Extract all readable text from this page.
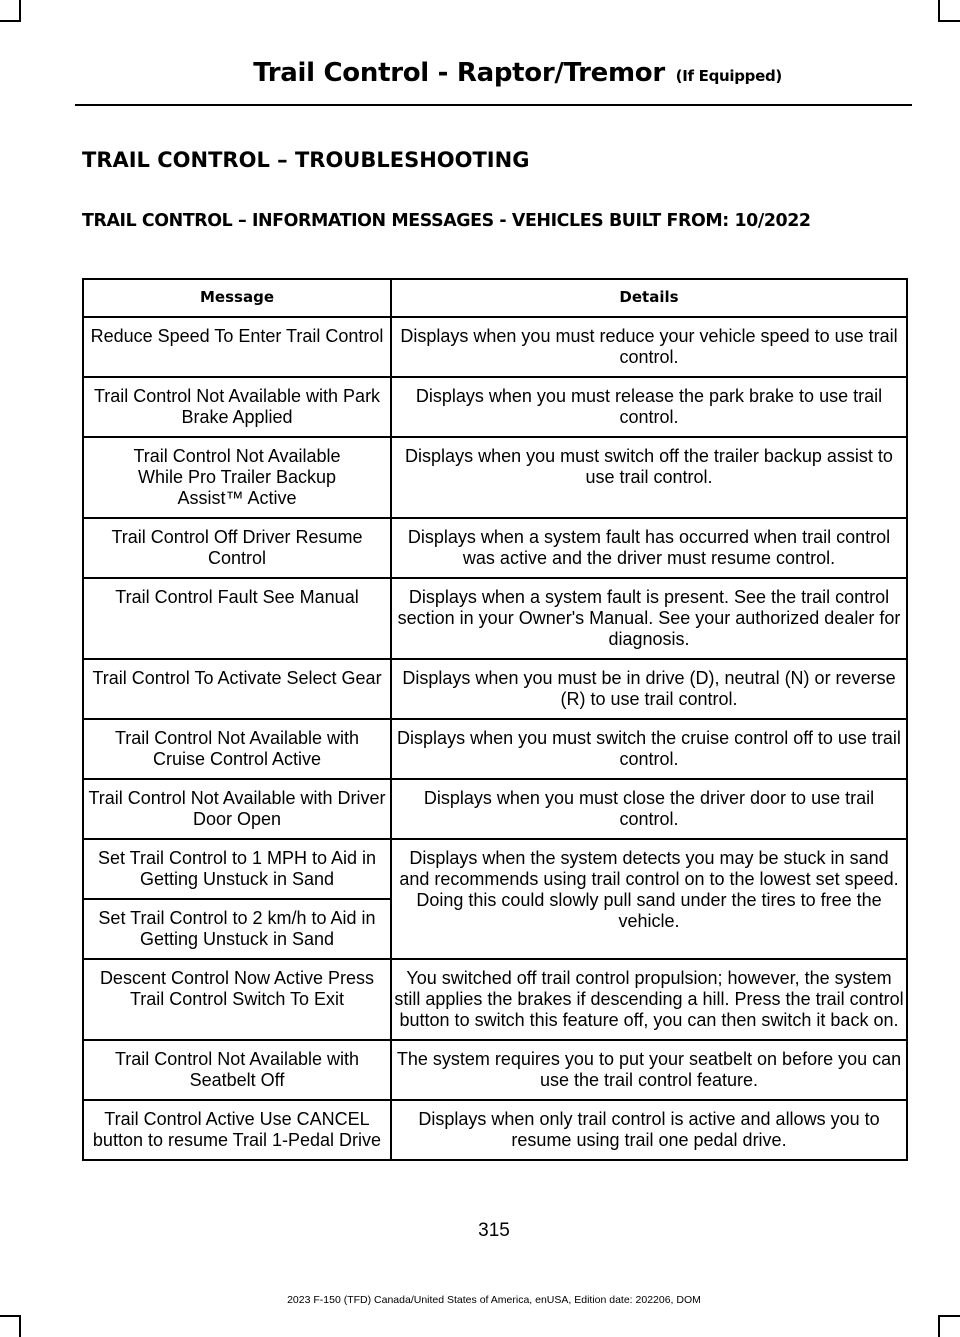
Trail Control - Raptor/Tremor (If Equipped)
TRAIL CONTROL – TROUBLESHOOTING
TRAIL CONTROL – INFORMATION MESSAGES - VEHICLES BUILT FROM: 10/2022
Message	Details
Reduce Speed To Enter Trail Control	Displays when you must reduce your vehicle speed to use trail control.
Trail Control Not Available with Park Brake Applied	Displays when you must release the park brake to use trail control.
Trail Control Not Available While Pro Trailer Backup Assist™ Active	Displays when you must switch off the trailer backup assist to use trail control.
Trail Control Off Driver Resume Control	Displays when a system fault has occurred when trail control was active and the driver must resume control.
Trail Control Fault See Manual	Displays when a system fault is present. See the trail control section in your Owner's Manual. See your authorized dealer for diagnosis.
Trail Control To Activate Select Gear	Displays when you must be in drive (D), neutral (N) or reverse (R) to use trail control.
Trail Control Not Available with Cruise Control Active	Displays when you must switch the cruise control off to use trail control.
Trail Control Not Available with Driver Door Open	Displays when you must close the driver door to use trail control.
Set Trail Control to 1 MPH to Aid in Getting Unstuck in Sand	Displays when the system detects you may be stuck in sand and recommends using trail control on to the lowest set speed. Doing this could slowly pull sand under the tires to free the vehicle.
Set Trail Control to 2 km/h to Aid in Getting Unstuck in Sand	
Descent Control Now Active Press Trail Control Switch To Exit	You switched off trail control propulsion; however, the system still applies the brakes if descending a hill. Press the trail control button to switch this feature off, you can then switch it back on.
Trail Control Not Available with Seatbelt Off	The system requires you to put your seatbelt on before you can use the trail control feature.
Trail Control Active Use CANCEL button to resume Trail 1-Pedal Drive	Displays when only trail control is active and allows you to resume using trail one pedal drive.
315
2023 F-150 (TFD) Canada/United States of America, enUSA, Edition date: 202206, DOM
